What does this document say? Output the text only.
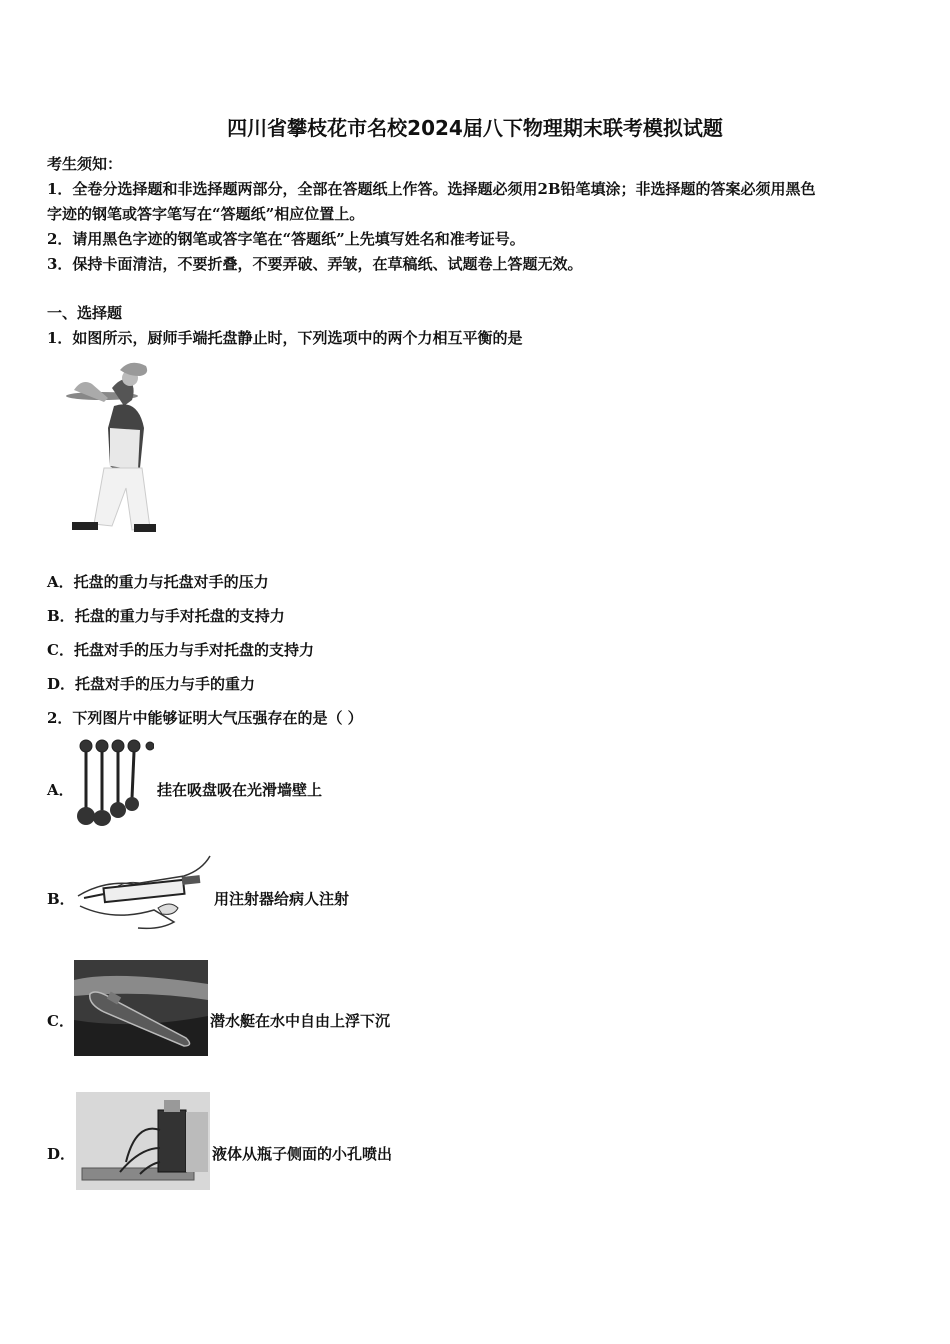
四川省攀枝花市名校2024届八下物理期末联考模拟试题
考生须知：
1．全卷分选择题和非选择题两部分，全部在答题纸上作答。选择题必须用2B铅笔填涂；非选择题的答案必须用黑色
字迹的钢笔或答字笔写在“答题纸”相应位置上。
2．请用黑色字迹的钢笔或答字笔在“答题纸”上先填写姓名和准考证号。
3．保持卡面清洁，不要折叠，不要弄破、弄皱，在草稿纸、试题卷上答题无效。
一、选择题
1．如图所示，厨师手端托盘静止时，下列选项中的两个力相互平衡的是
A．托盘的重力与托盘对手的压力
B．托盘的重力与手对托盘的支持力
C．托盘对手的压力与手对托盘的支持力
D．托盘对手的压力与手的重力
2．下列图片中能够证明大气压强存在的是（ ）
A．	挂在吸盘吸在光滑墙壁上
B．	用注射器给病人注射
C．	潜水艇在水中自由上浮下沉
D．	液体从瓶子侧面的小孔喷出
